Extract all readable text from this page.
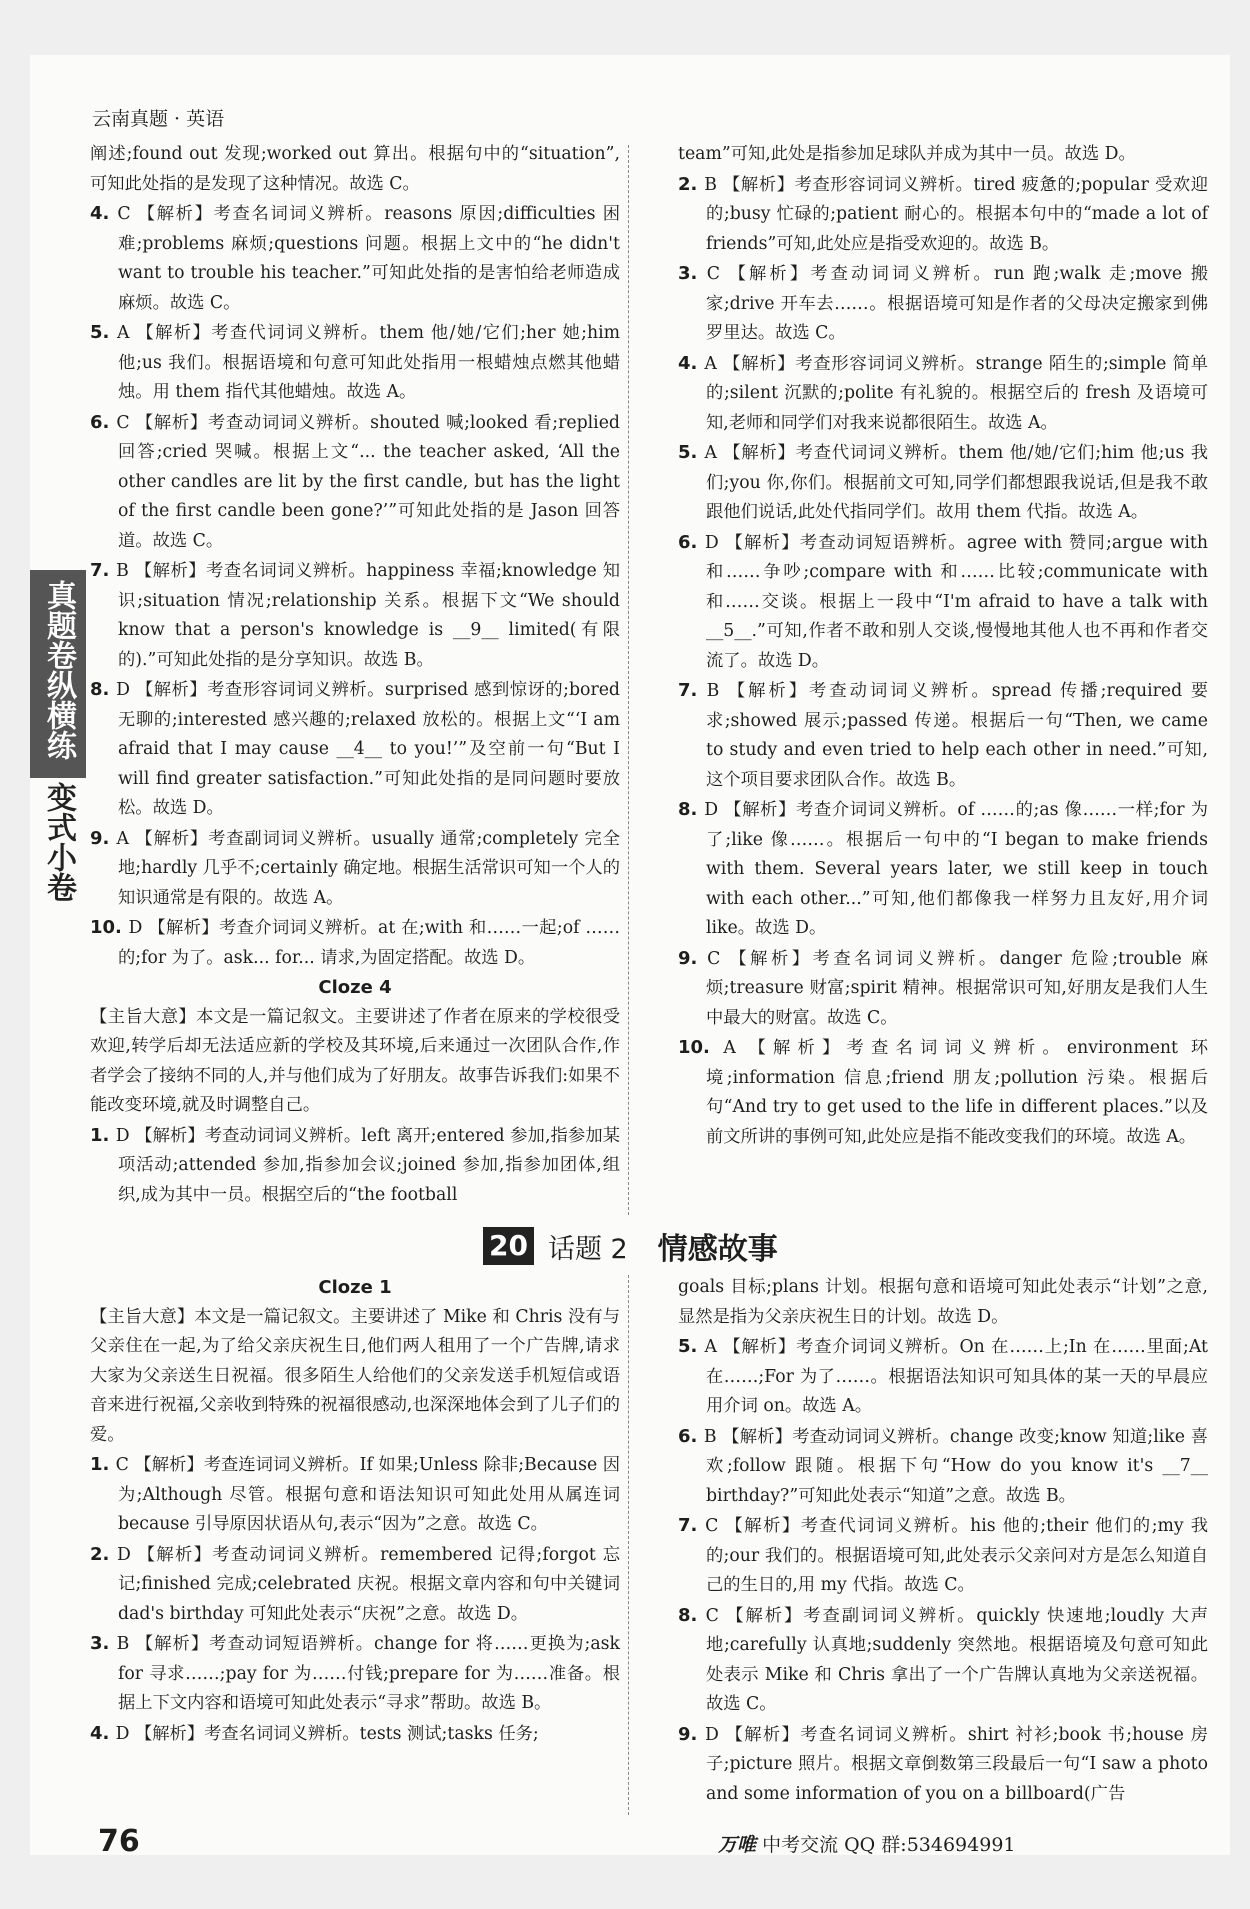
云南真题 · 英语
真题卷纵横练
变式小卷

阐述;found out 发现;worked out 算出。根据句中的“situation”,可知此处指的是发现了这种情况。故选 C。

4. C 【解析】考查名词词义辨析。reasons 原因;difficulties 困难;problems 麻烦;questions 问题。根据上文中的“he didn't want to trouble his teacher.”可知此处指的是害怕给老师造成麻烦。故选 C。

5. A 【解析】考查代词词义辨析。them 他/她/它们;her 她;him 他;us 我们。根据语境和句意可知此处指用一根蜡烛点燃其他蜡烛。用 them 指代其他蜡烛。故选 A。

6. C 【解析】考查动词词义辨析。shouted 喊;looked 看;replied 回答;cried 哭喊。根据上文“... the teacher asked, ‘All the other candles are lit by the first candle, but has the light of the first candle been gone?’”可知此处指的是 Jason 回答道。故选 C。

7. B 【解析】考查名词词义辨析。happiness 幸福;knowledge 知识;situation 情况;relationship 关系。根据下文“We should know that a person's knowledge is __9__ limited(有限的).”可知此处指的是分享知识。故选 B。

8. D 【解析】考查形容词词义辨析。surprised 感到惊讶的;bored 无聊的;interested 感兴趣的;relaxed 放松的。根据上文“‘I am afraid that I may cause __4__ to you!’”及空前一句“But I will find greater satisfaction.”可知此处指的是同问题时要放松。故选 D。

9. A 【解析】考查副词词义辨析。usually 通常;completely 完全地;hardly 几乎不;certainly 确定地。根据生活常识可知一个人的知识通常是有限的。故选 A。

10. D 【解析】考查介词词义辨析。at 在;with 和……一起;of ……的;for 为了。ask... for... 请求,为固定搭配。故选 D。

Cloze 4

【主旨大意】本文是一篇记叙文。主要讲述了作者在原来的学校很受欢迎,转学后却无法适应新的学校及其环境,后来通过一次团队合作,作者学会了接纳不同的人,并与他们成为了好朋友。故事告诉我们:如果不能改变环境,就及时调整自己。

1. D 【解析】考查动词词义辨析。left 离开;entered 参加,指参加某项活动;attended 参加,指参加会议;joined 参加,指参加团体,组织,成为其中一员。根据空后的“the football

team”可知,此处是指参加足球队并成为其中一员。故选 D。

2. B 【解析】考查形容词词义辨析。tired 疲惫的;popular 受欢迎的;busy 忙碌的;patient 耐心的。根据本句中的“made a lot of friends”可知,此处应是指受欢迎的。故选 B。

3. C 【解析】考查动词词义辨析。run 跑;walk 走;move 搬家;drive 开车去……。根据语境可知是作者的父母决定搬家到佛罗里达。故选 C。

4. A 【解析】考查形容词词义辨析。strange 陌生的;simple 简单的;silent 沉默的;polite 有礼貌的。根据空后的 fresh 及语境可知,老师和同学们对我来说都很陌生。故选 A。

5. A 【解析】考查代词词义辨析。them 他/她/它们;him 他;us 我们;you 你,你们。根据前文可知,同学们都想跟我说话,但是我不敢跟他们说话,此处代指同学们。故用 them 代指。故选 A。

6. D 【解析】考查动词短语辨析。agree with 赞同;argue with 和……争吵;compare with 和……比较;communicate with 和……交谈。根据上一段中“I'm afraid to have a talk with __5__.”可知,作者不敢和别人交谈,慢慢地其他人也不再和作者交流了。故选 D。

7. B 【解析】考查动词词义辨析。spread 传播;required 要求;showed 展示;passed 传递。根据后一句“Then, we came to study and even tried to help each other in need.”可知,这个项目要求团队合作。故选 B。

8. D 【解析】考查介词词义辨析。of ……的;as 像……一样;for 为了;like 像……。根据后一句中的“I began to make friends with them. Several years later, we still keep in touch with each other...”可知,他们都像我一样努力且友好,用介词 like。故选 D。

9. C 【解析】考查名词词义辨析。danger 危险;trouble 麻烦;treasure 财富;spirit 精神。根据常识可知,好朋友是我们人生中最大的财富。故选 C。

10. A 【解析】考查名词词义辨析。environment 环境;information 信息;friend 朋友;pollution 污染。根据后句“And try to get used to the life in different places.”以及前文所讲的事例可知,此处应是指不能改变我们的环境。故选 A。

20 话题 2 情感故事

Cloze 1

【主旨大意】本文是一篇记叙文。主要讲述了 Mike 和 Chris 没有与父亲住在一起,为了给父亲庆祝生日,他们两人租用了一个广告牌,请求大家为父亲送生日祝福。很多陌生人给他们的父亲发送手机短信或语音来进行祝福,父亲收到特殊的祝福很感动,也深深地体会到了儿子们的爱。

1. C 【解析】考查连词词义辨析。If 如果;Unless 除非;Because 因为;Although 尽管。根据句意和语法知识可知此处用从属连词 because 引导原因状语从句,表示“因为”之意。故选 C。

2. D 【解析】考查动词词义辨析。remembered 记得;forgot 忘记;finished 完成;celebrated 庆祝。根据文章内容和句中关键词 dad's birthday 可知此处表示“庆祝”之意。故选 D。

3. B 【解析】考查动词短语辨析。change for 将……更换为;ask for 寻求……;pay for 为……付钱;prepare for 为……准备。根据上下文内容和语境可知此处表示“寻求”帮助。故选 B。

4. D 【解析】考查名词词义辨析。tests 测试;tasks 任务;

goals 目标;plans 计划。根据句意和语境可知此处表示“计划”之意,显然是指为父亲庆祝生日的计划。故选 D。

5. A 【解析】考查介词词义辨析。On 在……上;In 在……里面;At 在……;For 为了……。根据语法知识可知具体的某一天的早晨应用介词 on。故选 A。

6. B 【解析】考查动词词义辨析。change 改变;know 知道;like 喜欢;follow 跟随。根据下句“How do you know it's __7__ birthday?”可知此处表示“知道”之意。故选 B。

7. C 【解析】考查代词词义辨析。his 他的;their 他们的;my 我的;our 我们的。根据语境可知,此处表示父亲问对方是怎么知道自己的生日的,用 my 代指。故选 C。

8. C 【解析】考查副词词义辨析。quickly 快速地;loudly 大声地;carefully 认真地;suddenly 突然地。根据语境及句意可知此处表示 Mike 和 Chris 拿出了一个广告牌认真地为父亲送祝福。故选 C。

9. D 【解析】考查名词词义辨析。shirt 衬衫;book 书;house 房子;picture 照片。根据文章倒数第三段最后一句“I saw a photo and some information of you on a billboard(广告

76	万唯 中考交流 QQ 群:534694991
